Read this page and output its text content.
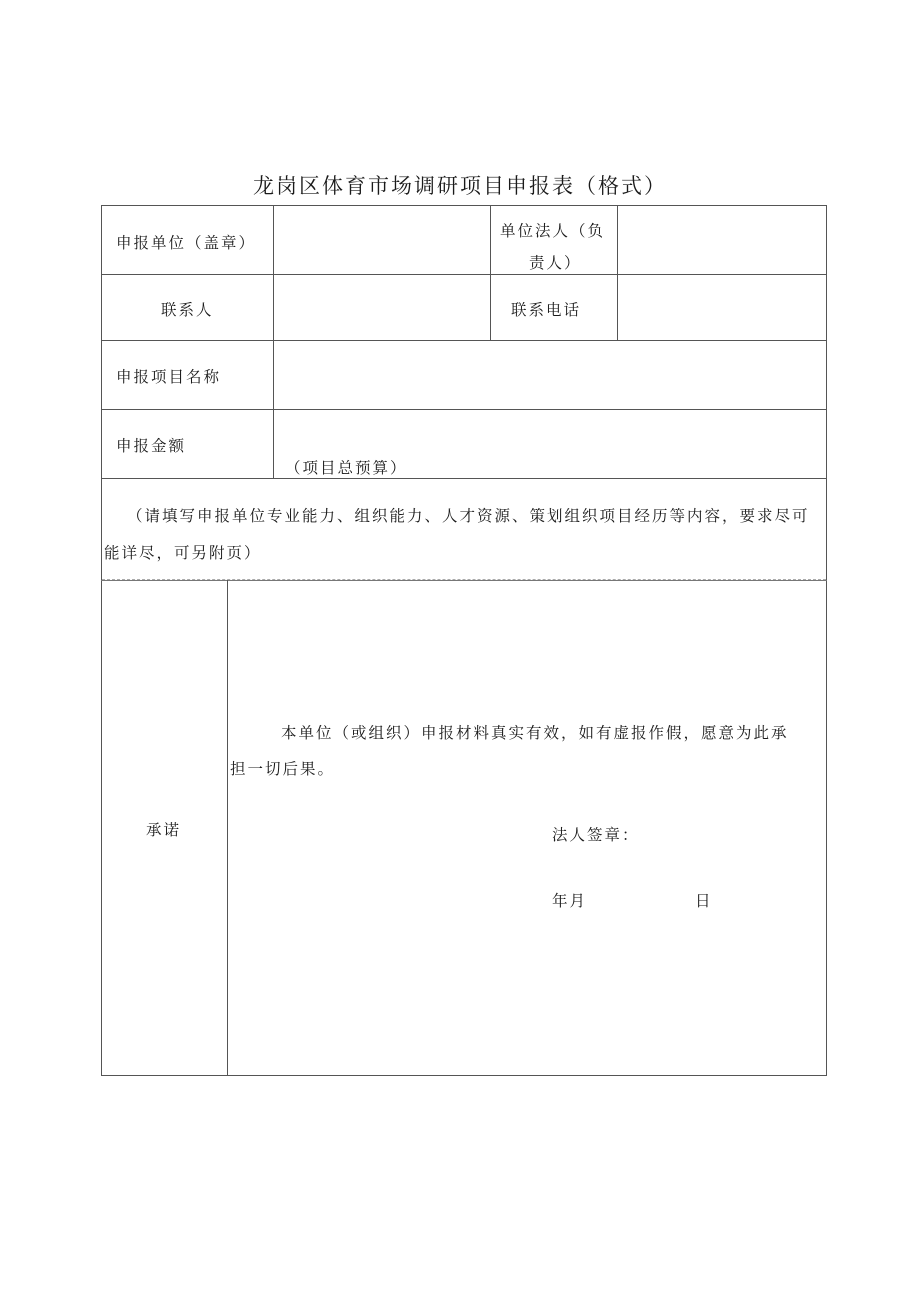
龙岗区体育市场调研项目申报表（格式）
申报单位（盖章）
单位法人（负
责人）
联系人	联系电话
申报项目名称
申报金额
（项目总预算）
（请填写申报单位专业能力、组织能力、人才资源、策划组织项目经历等内容，要求尽可能详尽，可另附页）
承诺
本单位（或组织）申报材料真实有效，如有虚报作假，愿意为此承
担一切后果。
法人签章：
年月	日
